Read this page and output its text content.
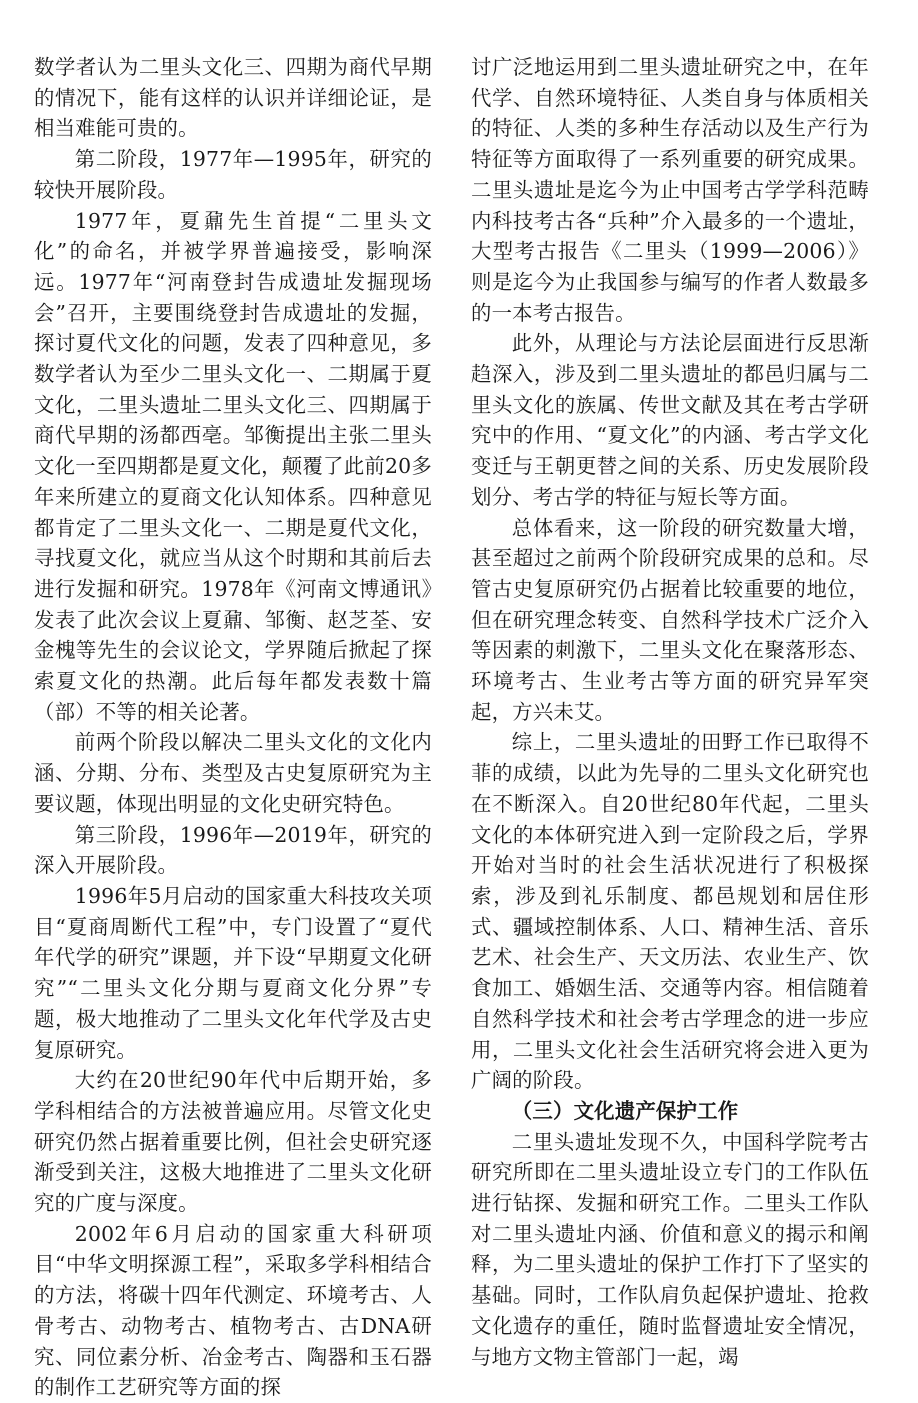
数学者认为二里头文化三、四期为商代早期的情况下，能有这样的认识并详细论证，是相当难能可贵的。

第二阶段，1977年—1995年，研究的较快开展阶段。

1977年，夏鼐先生首提“二里头文化”的命名，并被学界普遍接受，影响深远。1977年“河南登封告成遗址发掘现场会”召开，主要围绕登封告成遗址的发掘，探讨夏代文化的问题，发表了四种意见，多数学者认为至少二里头文化一、二期属于夏文化，二里头遗址二里头文化三、四期属于商代早期的汤都西亳。邹衡提出主张二里头文化一至四期都是夏文化，颠覆了此前20多年来所建立的夏商文化认知体系。四种意见都肯定了二里头文化一、二期是夏代文化，寻找夏文化，就应当从这个时期和其前后去进行发掘和研究。1978年《河南文博通讯》发表了此次会议上夏鼐、邹衡、赵芝荃、安金槐等先生的会议论文，学界随后掀起了探索夏文化的热潮。此后每年都发表数十篇（部）不等的相关论著。

前两个阶段以解决二里头文化的文化内涵、分期、分布、类型及古史复原研究为主要议题，体现出明显的文化史研究特色。

第三阶段，1996年—2019年，研究的深入开展阶段。

1996年5月启动的国家重大科技攻关项目“夏商周断代工程”中，专门设置了“夏代年代学的研究”课题，并下设“早期夏文化研究”“二里头文化分期与夏商文化分界”专题，极大地推动了二里头文化年代学及古史复原研究。

大约在20世纪90年代中后期开始，多学科相结合的方法被普遍应用。尽管文化史研究仍然占据着重要比例，但社会史研究逐渐受到关注，这极大地推进了二里头文化研究的广度与深度。

2002年6月启动的国家重大科研项目“中华文明探源工程”，采取多学科相结合的方法，将碳十四年代测定、环境考古、人骨考古、动物考古、植物考古、古DNA研究、同位素分析、冶金考古、陶器和玉石器的制作工艺研究等方面的探

讨广泛地运用到二里头遗址研究之中，在年代学、自然环境特征、人类自身与体质相关的特征、人类的多种生存活动以及生产行为特征等方面取得了一系列重要的研究成果。二里头遗址是迄今为止中国考古学学科范畴内科技考古各“兵种”介入最多的一个遗址，大型考古报告《二里头（1999—2006）》则是迄今为止我国参与编写的作者人数最多的一本考古报告。

此外，从理论与方法论层面进行反思渐趋深入，涉及到二里头遗址的都邑归属与二里头文化的族属、传世文献及其在考古学研究中的作用、“夏文化”的内涵、考古学文化变迁与王朝更替之间的关系、历史发展阶段划分、考古学的特征与短长等方面。

总体看来，这一阶段的研究数量大增，甚至超过之前两个阶段研究成果的总和。尽管古史复原研究仍占据着比较重要的地位，但在研究理念转变、自然科学技术广泛介入等因素的刺激下，二里头文化在聚落形态、环境考古、生业考古等方面的研究异军突起，方兴未艾。

综上，二里头遗址的田野工作已取得不菲的成绩，以此为先导的二里头文化研究也在不断深入。自20世纪80年代起，二里头文化的本体研究进入到一定阶段之后，学界开始对当时的社会生活状况进行了积极探索，涉及到礼乐制度、都邑规划和居住形式、疆域控制体系、人口、精神生活、音乐艺术、社会生产、天文历法、农业生产、饮食加工、婚姻生活、交通等内容。相信随着自然科学技术和社会考古学理念的进一步应用，二里头文化社会生活研究将会进入更为广阔的阶段。

（三）文化遗产保护工作

二里头遗址发现不久，中国科学院考古研究所即在二里头遗址设立专门的工作队伍进行钻探、发掘和研究工作。二里头工作队对二里头遗址内涵、价值和意义的揭示和阐释，为二里头遗址的保护工作打下了坚实的基础。同时，工作队肩负起保护遗址、抢救文化遗存的重任，随时监督遗址安全情况，与地方文物主管部门一起，竭
